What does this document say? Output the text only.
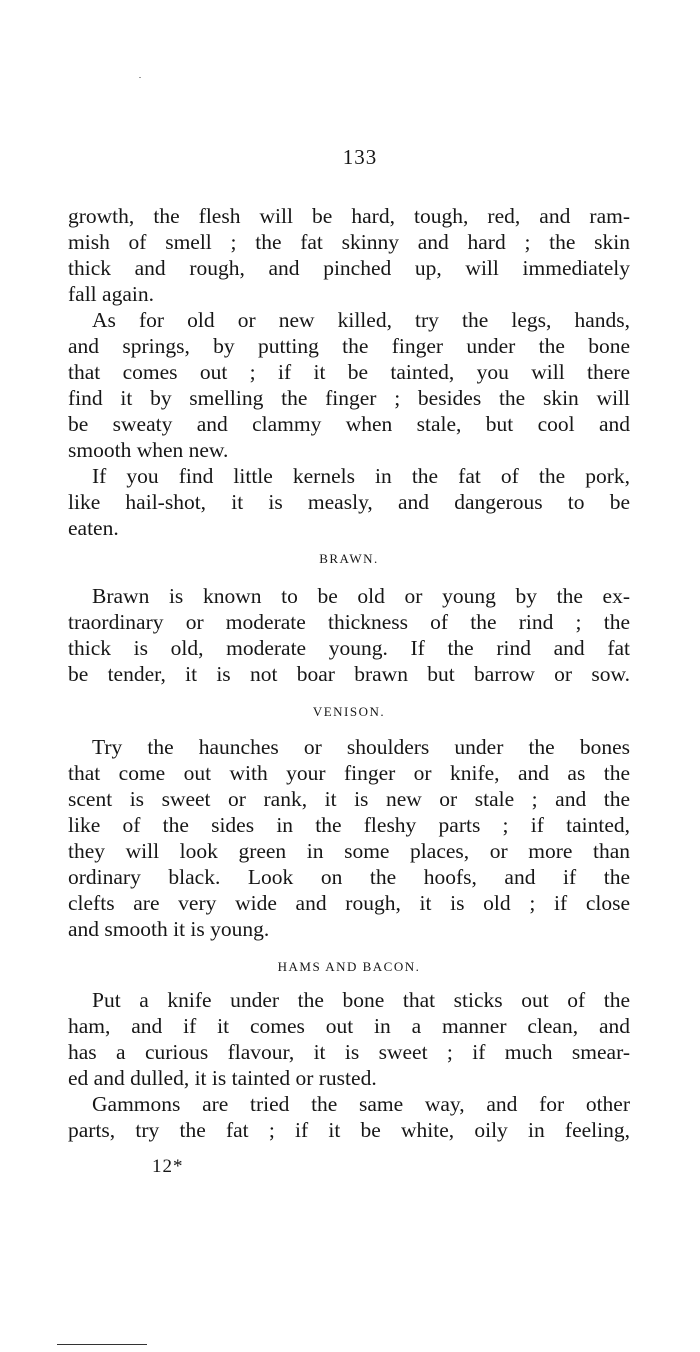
133
growth, the flesh will be hard, tough, red, and ram-
mish of smell ; the fat skinny and hard ; the skin
thick and rough, and pinched up, will immediately
fall again.
As for old or new killed, try the legs, hands,
and springs, by putting the finger under the bone
that comes out ; if it be tainted, you will there
find it by smelling the finger ; besides the skin will
be sweaty and clammy when stale, but cool and
smooth when new.
If you find little kernels in the fat of the pork,
like hail-shot, it is measly, and dangerous to be
eaten.
BRAWN.
Brawn is known to be old or young by the ex-
traordinary or moderate thickness of the rind ; the
thick is old, moderate young. If the rind and fat
be tender, it is not boar brawn but barrow or sow.
VENISON.
Try the haunches or shoulders under the bones
that come out with your finger or knife, and as the
scent is sweet or rank, it is new or stale ; and the
like of the sides in the fleshy parts ; if tainted,
they will look green in some places, or more than
ordinary black. Look on the hoofs, and if the
clefts are very wide and rough, it is old ; if close
and smooth it is young.
HAMS AND BACON.
Put a knife under the bone that sticks out of the
ham, and if it comes out in a manner clean, and
has a curious flavour, it is sweet ; if much smear-
ed and dulled, it is tainted or rusted.
Gammons are tried the same way, and for other
parts, try the fat ; if it be white, oily in feeling,
12*
